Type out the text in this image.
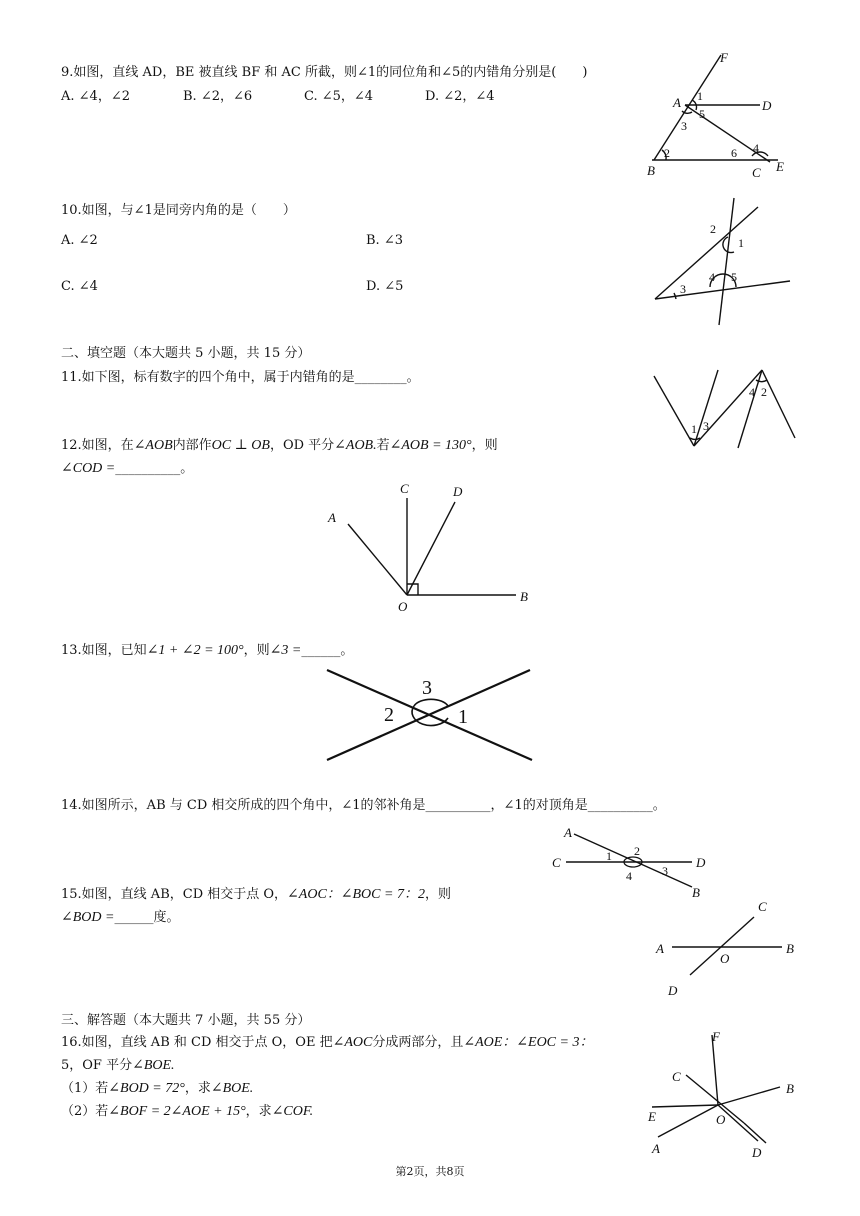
9.如图，直线 AD，BE 被直线 BF 和 AC 所截，则∠1的同位角和∠5的内错角分别是(　　)
A. ∠4，∠2	B. ∠2，∠6	C. ∠5，∠4	D. ∠2，∠4
F
A	D
B	C E
1
2
3
4
5
6
10.如图，与∠1是同旁内角的是（　　）
A. ∠2	B. ∠3
C. ∠4	D. ∠5
2
1
3
4 5
二、填空题（本大题共 5 小题，共 15 分）
11.如下图，标有数字的四个角中，属于内错角的是________。
1 3
4 2
12.如图，在∠AOB内部作OC ⊥ OB，OD 平分∠AOB.若∠AOB = 130°，则
∠COD =__________。
A
C	D
O
B
13.如图，已知∠1 + ∠2 = 100°，则∠3 =______。
3
2	1
14.如图所示，AB 与 CD 相交所成的四个角中，∠1的邻补角是__________，∠1的对顶角是__________。
A
C	D
B
1 2
4	3
15.如图，直线 AB，CD 相交于点 O，∠AOC：∠BOC = 7：2，则
∠BOD =______度。
C
A	B
O
D
三、解答题（本大题共 7 小题，共 55 分）
16.如图，直线 AB 和 CD 相交于点 O，OE 把∠AOC分成两部分，且∠AOE：∠EOC = 3：
5，OF 平分∠BOE.
（1）若∠BOD = 72°，求∠BOE.
（2）若∠BOF = 2∠AOE + 15°，求∠COF.
F
C
B
E	O
A	D
第2页，共8页
